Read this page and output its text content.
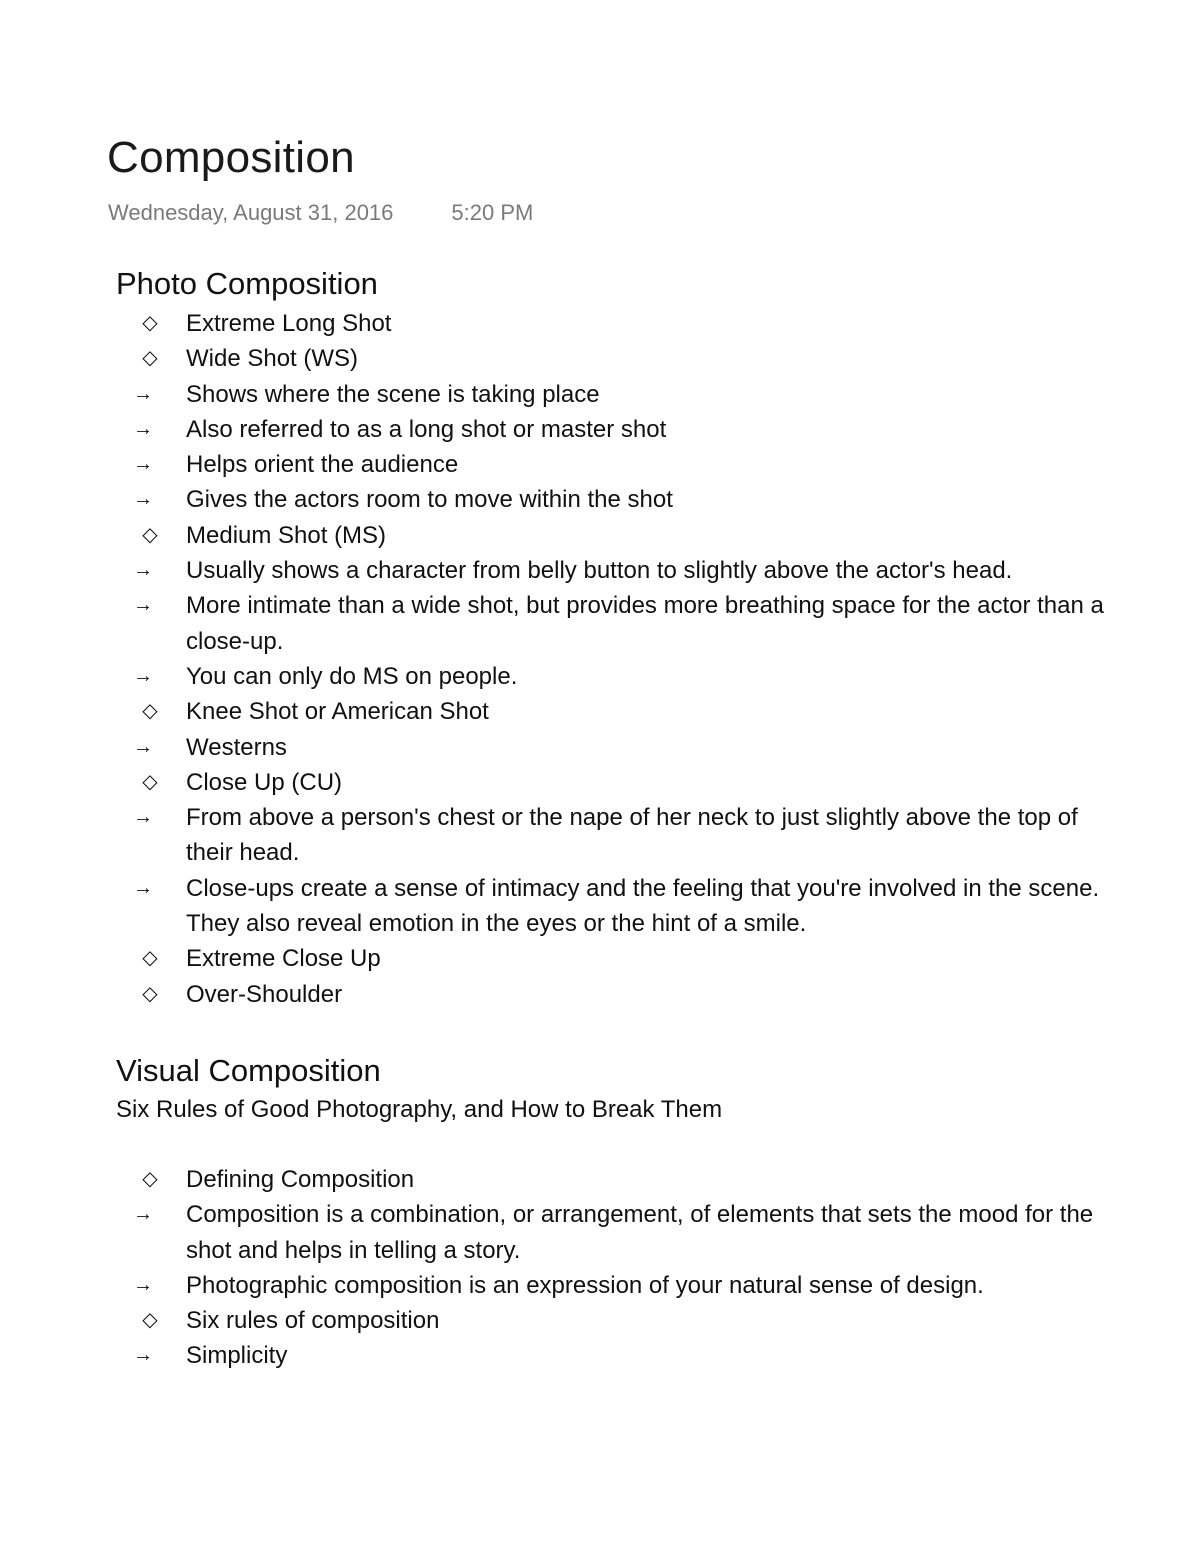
Composition
Wednesday, August 31, 2016	5:20 PM
Photo Composition
◇ Extreme Long Shot
◇ Wide Shot (WS)
→ Shows where the scene is taking place
→ Also referred to as a long shot or master shot
→ Helps orient the audience
→ Gives the actors room to move within the shot
◇ Medium Shot (MS)
→ Usually shows a character from belly button to slightly above the actor's head.
→ More intimate than a wide shot, but provides more breathing space for the actor than a close-up.
→ You can only do MS on people.
◇ Knee Shot or American Shot
→ Westerns
◇ Close Up (CU)
→ From above a person's chest or the nape of her neck to just slightly above the top of their head.
→ Close-ups create a sense of intimacy and the feeling that you're involved in the scene. They also reveal emotion in the eyes or the hint of a smile.
◇ Extreme Close Up
◇ Over-Shoulder
Visual Composition
Six Rules of Good Photography, and How to Break Them
◇ Defining Composition
→ Composition is a combination, or arrangement, of elements that sets the mood for the shot and helps in telling a story.
→ Photographic composition is an expression of your natural sense of design.
◇ Six rules of composition
→ Simplicity
